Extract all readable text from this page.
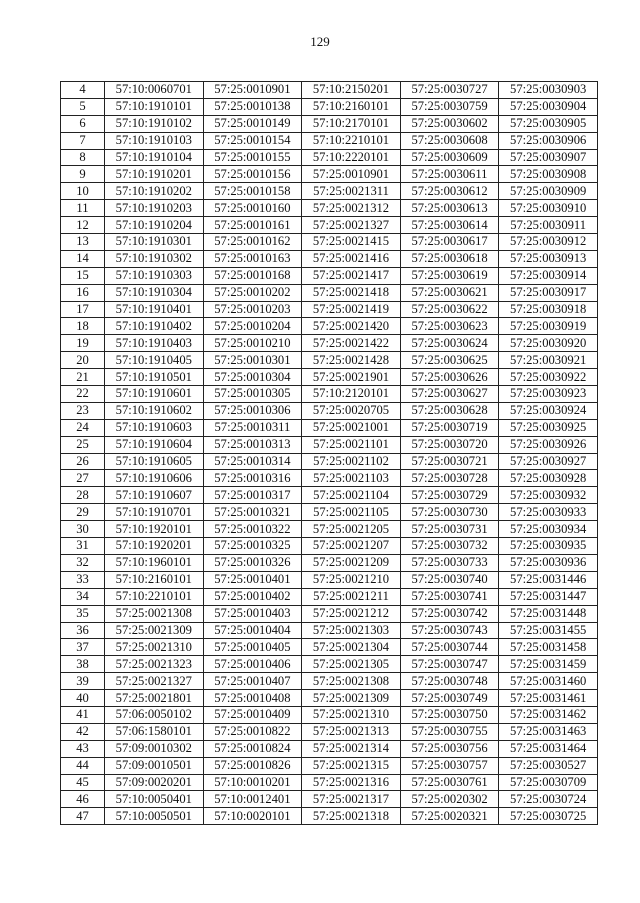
129
4	57:10:0060701	57:25:0010901	57:10:2150201	57:25:0030727	57:25:0030903
5	57:10:1910101	57:25:0010138	57:10:2160101	57:25:0030759	57:25:0030904
6	57:10:1910102	57:25:0010149	57:10:2170101	57:25:0030602	57:25:0030905
7	57:10:1910103	57:25:0010154	57:10:2210101	57:25:0030608	57:25:0030906
8	57:10:1910104	57:25:0010155	57:10:2220101	57:25:0030609	57:25:0030907
9	57:10:1910201	57:25:0010156	57:25:0010901	57:25:0030611	57:25:0030908
10	57:10:1910202	57:25:0010158	57:25:0021311	57:25:0030612	57:25:0030909
11	57:10:1910203	57:25:0010160	57:25:0021312	57:25:0030613	57:25:0030910
12	57:10:1910204	57:25:0010161	57:25:0021327	57:25:0030614	57:25:0030911
13	57:10:1910301	57:25:0010162	57:25:0021415	57:25:0030617	57:25:0030912
14	57:10:1910302	57:25:0010163	57:25:0021416	57:25:0030618	57:25:0030913
15	57:10:1910303	57:25:0010168	57:25:0021417	57:25:0030619	57:25:0030914
16	57:10:1910304	57:25:0010202	57:25:0021418	57:25:0030621	57:25:0030917
17	57:10:1910401	57:25:0010203	57:25:0021419	57:25:0030622	57:25:0030918
18	57:10:1910402	57:25:0010204	57:25:0021420	57:25:0030623	57:25:0030919
19	57:10:1910403	57:25:0010210	57:25:0021422	57:25:0030624	57:25:0030920
20	57:10:1910405	57:25:0010301	57:25:0021428	57:25:0030625	57:25:0030921
21	57:10:1910501	57:25:0010304	57:25:0021901	57:25:0030626	57:25:0030922
22	57:10:1910601	57:25:0010305	57:10:2120101	57:25:0030627	57:25:0030923
23	57:10:1910602	57:25:0010306	57:25:0020705	57:25:0030628	57:25:0030924
24	57:10:1910603	57:25:0010311	57:25:0021001	57:25:0030719	57:25:0030925
25	57:10:1910604	57:25:0010313	57:25:0021101	57:25:0030720	57:25:0030926
26	57:10:1910605	57:25:0010314	57:25:0021102	57:25:0030721	57:25:0030927
27	57:10:1910606	57:25:0010316	57:25:0021103	57:25:0030728	57:25:0030928
28	57:10:1910607	57:25:0010317	57:25:0021104	57:25:0030729	57:25:0030932
29	57:10:1910701	57:25:0010321	57:25:0021105	57:25:0030730	57:25:0030933
30	57:10:1920101	57:25:0010322	57:25:0021205	57:25:0030731	57:25:0030934
31	57:10:1920201	57:25:0010325	57:25:0021207	57:25:0030732	57:25:0030935
32	57:10:1960101	57:25:0010326	57:25:0021209	57:25:0030733	57:25:0030936
33	57:10:2160101	57:25:0010401	57:25:0021210	57:25:0030740	57:25:0031446
34	57:10:2210101	57:25:0010402	57:25:0021211	57:25:0030741	57:25:0031447
35	57:25:0021308	57:25:0010403	57:25:0021212	57:25:0030742	57:25:0031448
36	57:25:0021309	57:25:0010404	57:25:0021303	57:25:0030743	57:25:0031455
37	57:25:0021310	57:25:0010405	57:25:0021304	57:25:0030744	57:25:0031458
38	57:25:0021323	57:25:0010406	57:25:0021305	57:25:0030747	57:25:0031459
39	57:25:0021327	57:25:0010407	57:25:0021308	57:25:0030748	57:25:0031460
40	57:25:0021801	57:25:0010408	57:25:0021309	57:25:0030749	57:25:0031461
41	57:06:0050102	57:25:0010409	57:25:0021310	57:25:0030750	57:25:0031462
42	57:06:1580101	57:25:0010822	57:25:0021313	57:25:0030755	57:25:0031463
43	57:09:0010302	57:25:0010824	57:25:0021314	57:25:0030756	57:25:0031464
44	57:09:0010501	57:25:0010826	57:25:0021315	57:25:0030757	57:25:0030527
45	57:09:0020201	57:10:0010201	57:25:0021316	57:25:0030761	57:25:0030709
46	57:10:0050401	57:10:0012401	57:25:0021317	57:25:0020302	57:25:0030724
47	57:10:0050501	57:10:0020101	57:25:0021318	57:25:0020321	57:25:0030725
